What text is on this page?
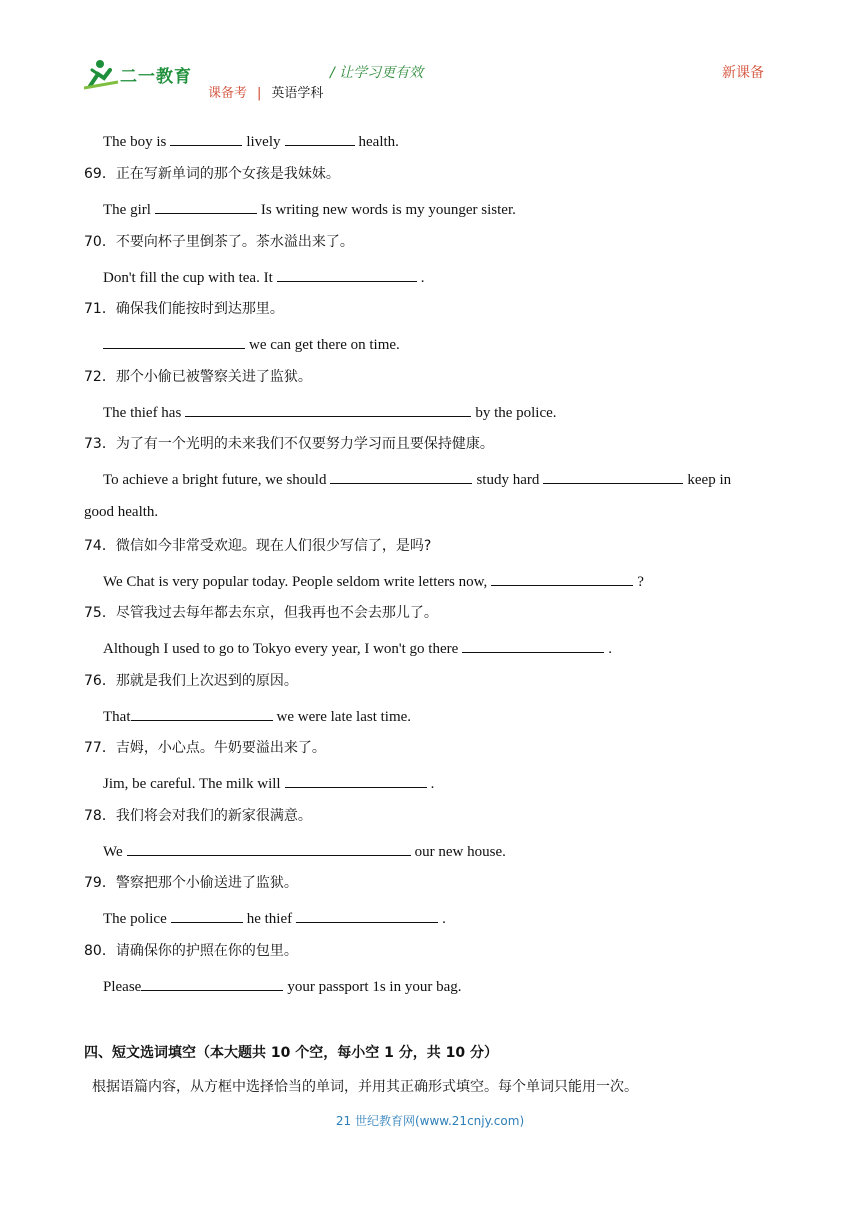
二一教育	/ 让学习更有效	新课备
课备考 | 英语学科
The boy is	lively	health.
69．正在写新单词的那个女孩是我妹妹。
The girl	Is writing new words is my younger sister.
70．不要向杯子里倒茶了。茶水溢出来了。
Don't fill the cup with tea. It	.
71．确保我们能按时到达那里。
we can get there on time.
72．那个小偷已被警察关进了监狱。
The thief has	by the police.
73．为了有一个光明的未来我们不仅要努力学习而且要保持健康。
To achieve a bright future, we should	study hard	keep in
good health.
74．微信如今非常受欢迎。现在人们很少写信了，是吗?
We Chat is very popular today. People seldom write letters now,	?
75．尽管我过去每年都去东京，但我再也不会去那儿了。
Although I used to go to Tokyo every year, I won't go there	.
76．那就是我们上次迟到的原因。
That	we were late last time.
77．吉姆，小心点。牛奶要溢出来了。
Jim, be careful. The milk will	.
78．我们将会对我们的新家很满意。
We	our new house.
79．警察把那个小偷送进了监狱。
The police	he thief	.
80．请确保你的护照在你的包里。
Please	your passport 1s in your bag.
四、短文选词填空（本大题共 10 个空，每小空 1 分，共 10 分）
根据语篇内容，从方框中选择恰当的单词，并用其正确形式填空。每个单词只能用一次。
21 世纪教育网(www.21cnjy.com)
